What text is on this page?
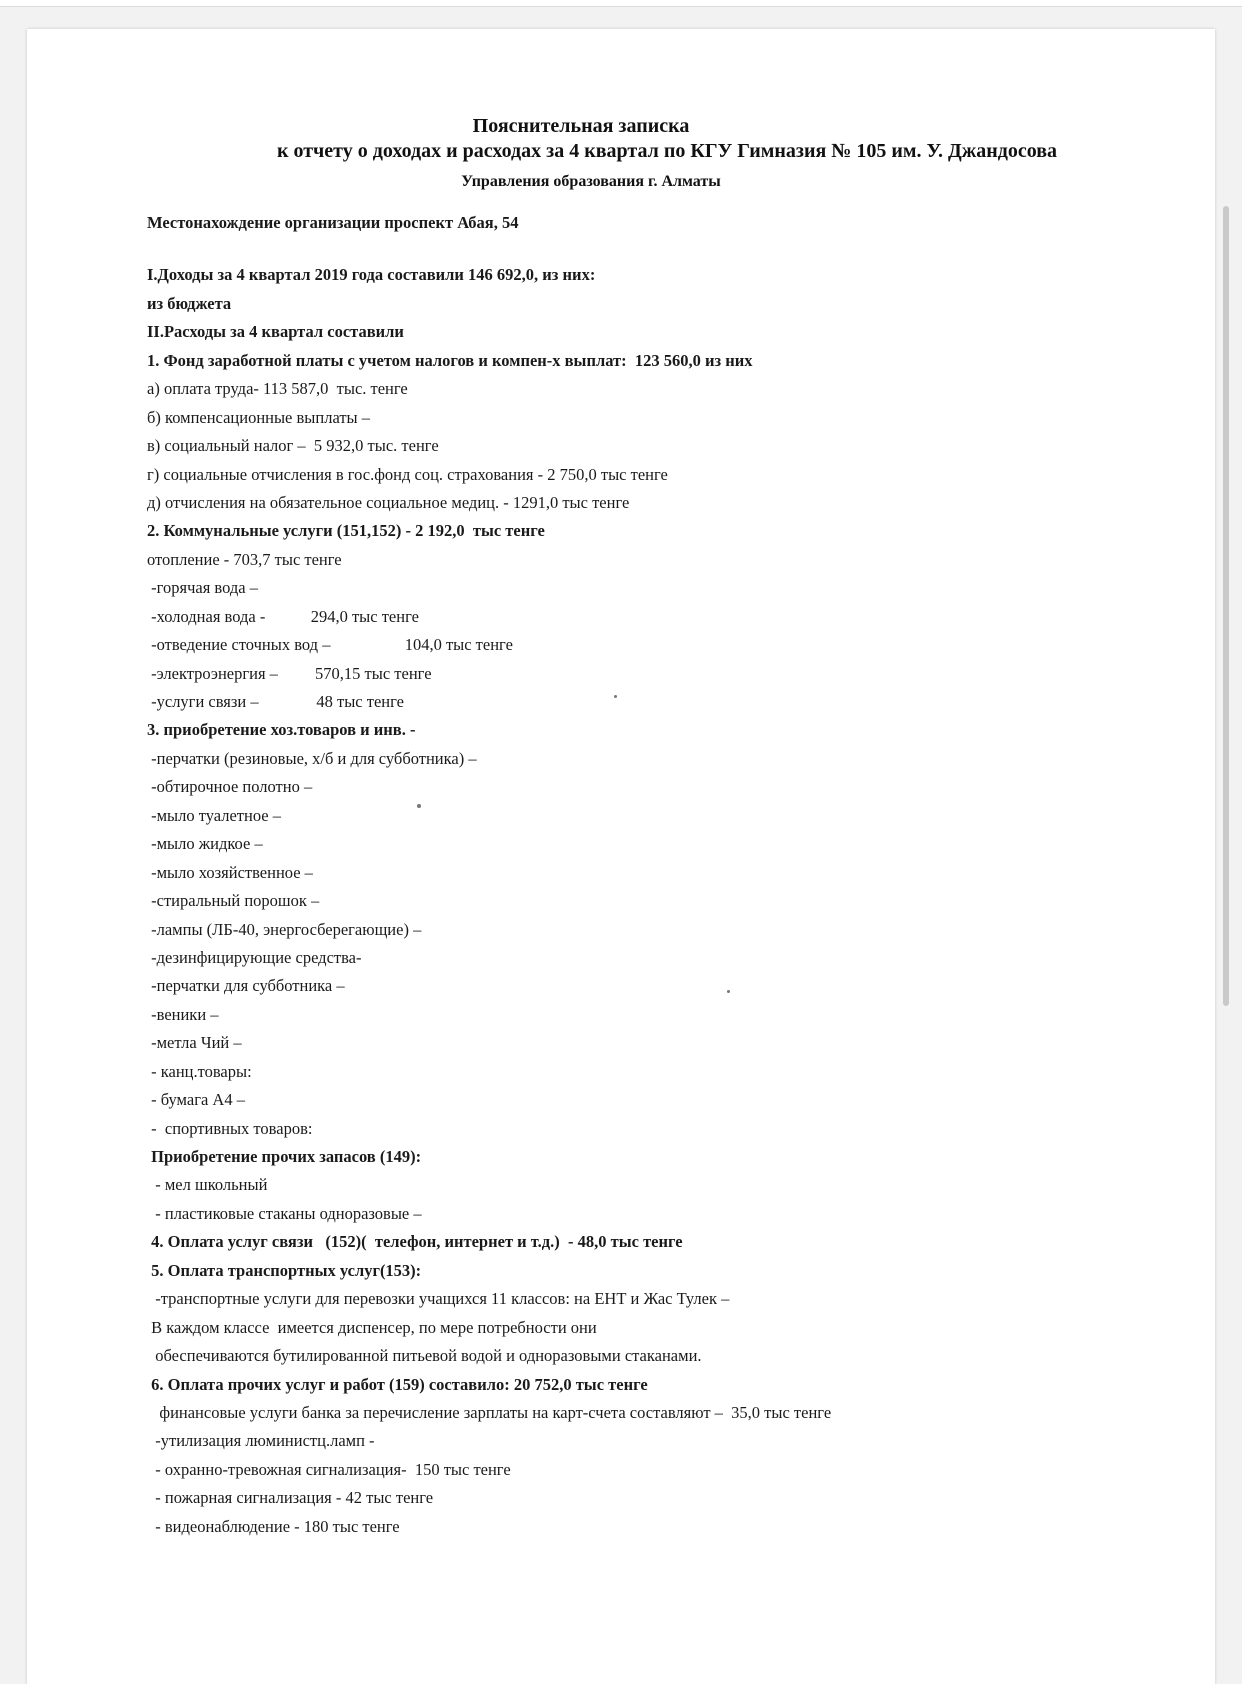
Пояснительная записка
к отчету о доходах и расходах за 4 квартал по КГУ Гимназия № 105 им. У. Джандосова
Управления образования г. Алматы
Местонахождение организации проспект Абая, 54
I.Доходы за 4 квартал 2019 года составили 146 692,0, из них:
из бюджета
II.Расходы за 4 квартал составили
1. Фонд заработной платы с учетом налогов и компен-х выплат:  123 560,0 из них
а) оплата труда- 113 587,0  тыс. тенге
б) компенсационные выплаты –
в) социальный налог –  5 932,0 тыс. тенге
г) социальные отчисления в гос.фонд соц. страхования - 2 750,0 тыс тенге
д) отчисления на обязательное социальное медиц. - 1291,0 тыс тенге
2. Коммунальные услуги (151,152) - 2 192,0  тыс тенге
отопление - 703,7 тыс тенге
-горячая вода –
-холодная вода -           294,0 тыс тенге
-отведение сточных вод –                  104,0 тыс тенге
-электроэнергия –         570,15 тыс тенге
-услуги связи –              48 тыс тенге
3. приобретение хоз.товаров и инв. -
-перчатки (резиновые, х/б и для субботника) –
-обтирочное полотно –
-мыло туалетное –
-мыло жидкое –
-мыло хозяйственное –
-стиральный порошок –
-лампы (ЛБ-40, энергосберегающие) –
-дезинфицирующие средства-
-перчатки для субботника –
-веники –
-метла Чий –
- канц.товары:
- бумага А4 –
-  спортивных товаров:
Приобретение прочих запасов (149):
- мел школьный
- пластиковые стаканы одноразовые –
4. Оплата услуг связи   (152)(  телефон, интернет и т.д.)  - 48,0 тыс тенге
5. Оплата транспортных услуг(153):
-транспортные услуги для перевозки учащихся 11 классов: на ЕНТ и Жас Тулек –
В каждом классе  имеется диспенсер, по мере потребности они
обеспечиваются бутилированной питьевой водой и одноразовыми стаканами.
6. Оплата прочих услуг и работ (159) составило: 20 752,0 тыс тенге
финансовые услуги банка за перечисление зарплаты на карт-счета составляют –  35,0 тыс тенге
-утилизация люминистц.ламп -
- охранно-тревожная сигнализация-  150 тыс тенге
- пожарная сигнализация - 42 тыс тенге
- видеонаблюдение - 180 тыс тенге
